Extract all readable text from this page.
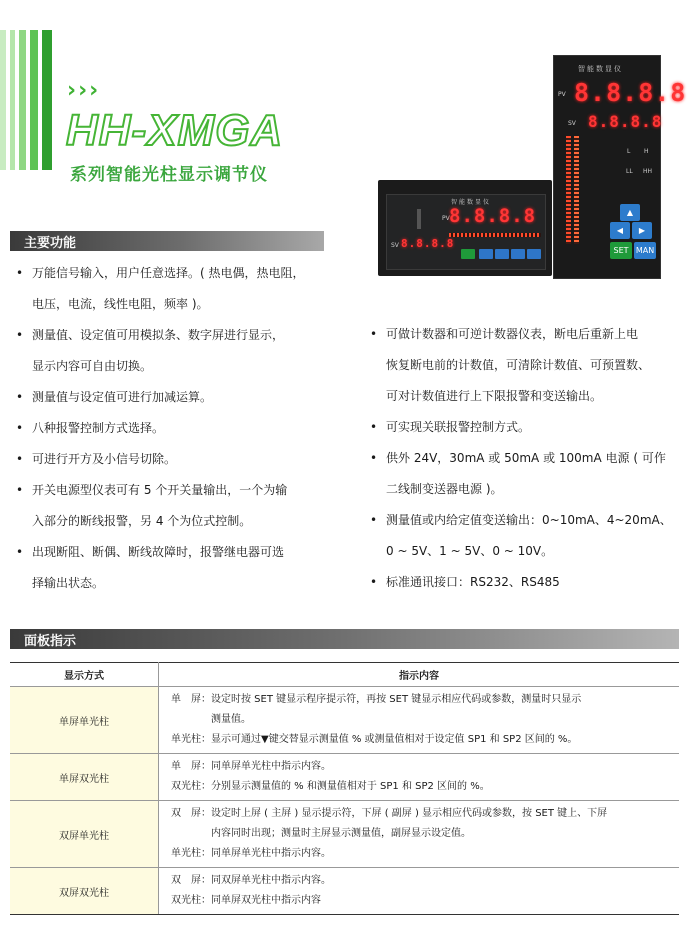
›››
HH-XMGA
系列智能光柱显示调节仪
智能数显仪
PV 8.8.8.8
SV 8.8.8.8
L H
LL HH
▲
◀	▶
SET MAN
智能数显仪
PV 8.8.8.8
SV 8.8.8.8
主要功能
• 万能信号输入，用户任意选择。( 热电偶，热电阻，
电压，电流，线性电阻，频率 )。
• 测量值、设定值可用模拟条、数字屏进行显示，
显示内容可自由切换。
• 测量值与设定值可进行加减运算。
• 八种报警控制方式选择。
• 可进行开方及小信号切除。
• 开关电源型仪表可有 5 个开关量输出，一个为输
入部分的断线报警，另 4 个为位式控制。
• 出现断阻、断偶、断线故障时，报警继电器可选
择输出状态。
• 可做计数器和可逆计数器仪表，断电后重新上电
恢复断电前的计数值，可清除计数值、可预置数、
可对计数值进行上下限报警和变送输出。
• 可实现关联报警控制方式。
• 供外 24V，30mA 或 50mA 或 100mA 电源 ( 可作
二线制变送器电源 )。
• 测量值或内给定值变送输出：0~10mA、4~20mA、
0 ~ 5V、1 ~ 5V、0 ~ 10V。
• 标准通讯接口：RS232、RS485
面板指示
显示方式	指示内容
单屏单光柱	单　屏：设定时按 SET 键显示程序提示符，再按 SET 键显示相应代码或参数，测量时只显示
　　　　测量值。
单光柱：显示可通过▼键交替显示测量值 % 或测量值相对于设定值 SP1 和 SP2 区间的 %。

单屏双光柱	单　屏：同单屏单光柱中指示内容。
双光柱：分别显示测量值的 % 和测量值相对于 SP1 和 SP2 区间的 %。

双屏单光柱	双　屏：设定时上屏 ( 主屏 ) 显示提示符，下屏 ( 副屏 ) 显示相应代码或参数，按 SET 键上、下屏
　　　　内容同时出现；测量时主屏显示测量值，副屏显示设定值。
单光柱：同单屏单光柱中指示内容。

双屏双光柱	双　屏：同双屏单光柱中指示内容。
双光柱：同单屏双光柱中指示内容
